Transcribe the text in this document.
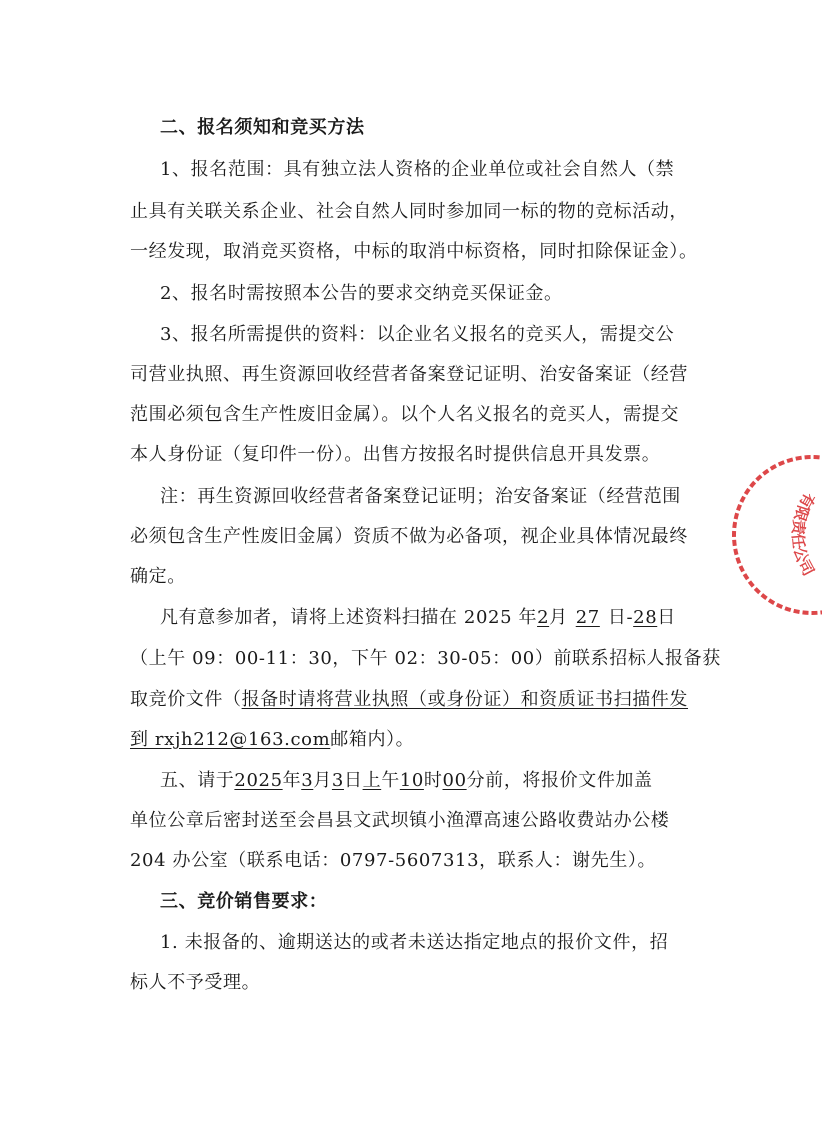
二、报名须知和竞买方法
1、报名范围：具有独立法人资格的企业单位或社会自然人（禁
止具有关联关系企业、社会自然人同时参加同一标的物的竞标活动，
一经发现，取消竞买资格，中标的取消中标资格，同时扣除保证金）。
2、报名时需按照本公告的要求交纳竞买保证金。
3、报名所需提供的资料：以企业名义报名的竞买人，需提交公
司营业执照、再生资源回收经营者备案登记证明、治安备案证（经营
范围必须包含生产性废旧金属）。以个人名义报名的竞买人，需提交
本人身份证（复印件一份）。出售方按报名时提供信息开具发票。
注：再生资源回收经营者备案登记证明；治安备案证（经营范围
必须包含生产性废旧金属）资质不做为必备项，视企业具体情况最终
确定。
凡有意参加者，请将上述资料扫描在 2025 年2月 27 日-28日
（上午 09：00-11：30，下午 02：30-05：00）前联系招标人报备获
取竞价文件（报备时请将营业执照（或身份证）和资质证书扫描件发
到 rxjh212@163.com邮箱内）。
五、请于2025年3月3日上午10时00分前，将报价文件加盖
单位公章后密封送至会昌县文武坝镇小渔潭高速公路收费站办公楼
204 办公室（联系电话：0797-5607313，联系人：谢先生）。
三、竞价销售要求：
1. 未报备的、逾期送达的或者未送达指定地点的报价文件，招
标人不予受理。
有限责任公司
